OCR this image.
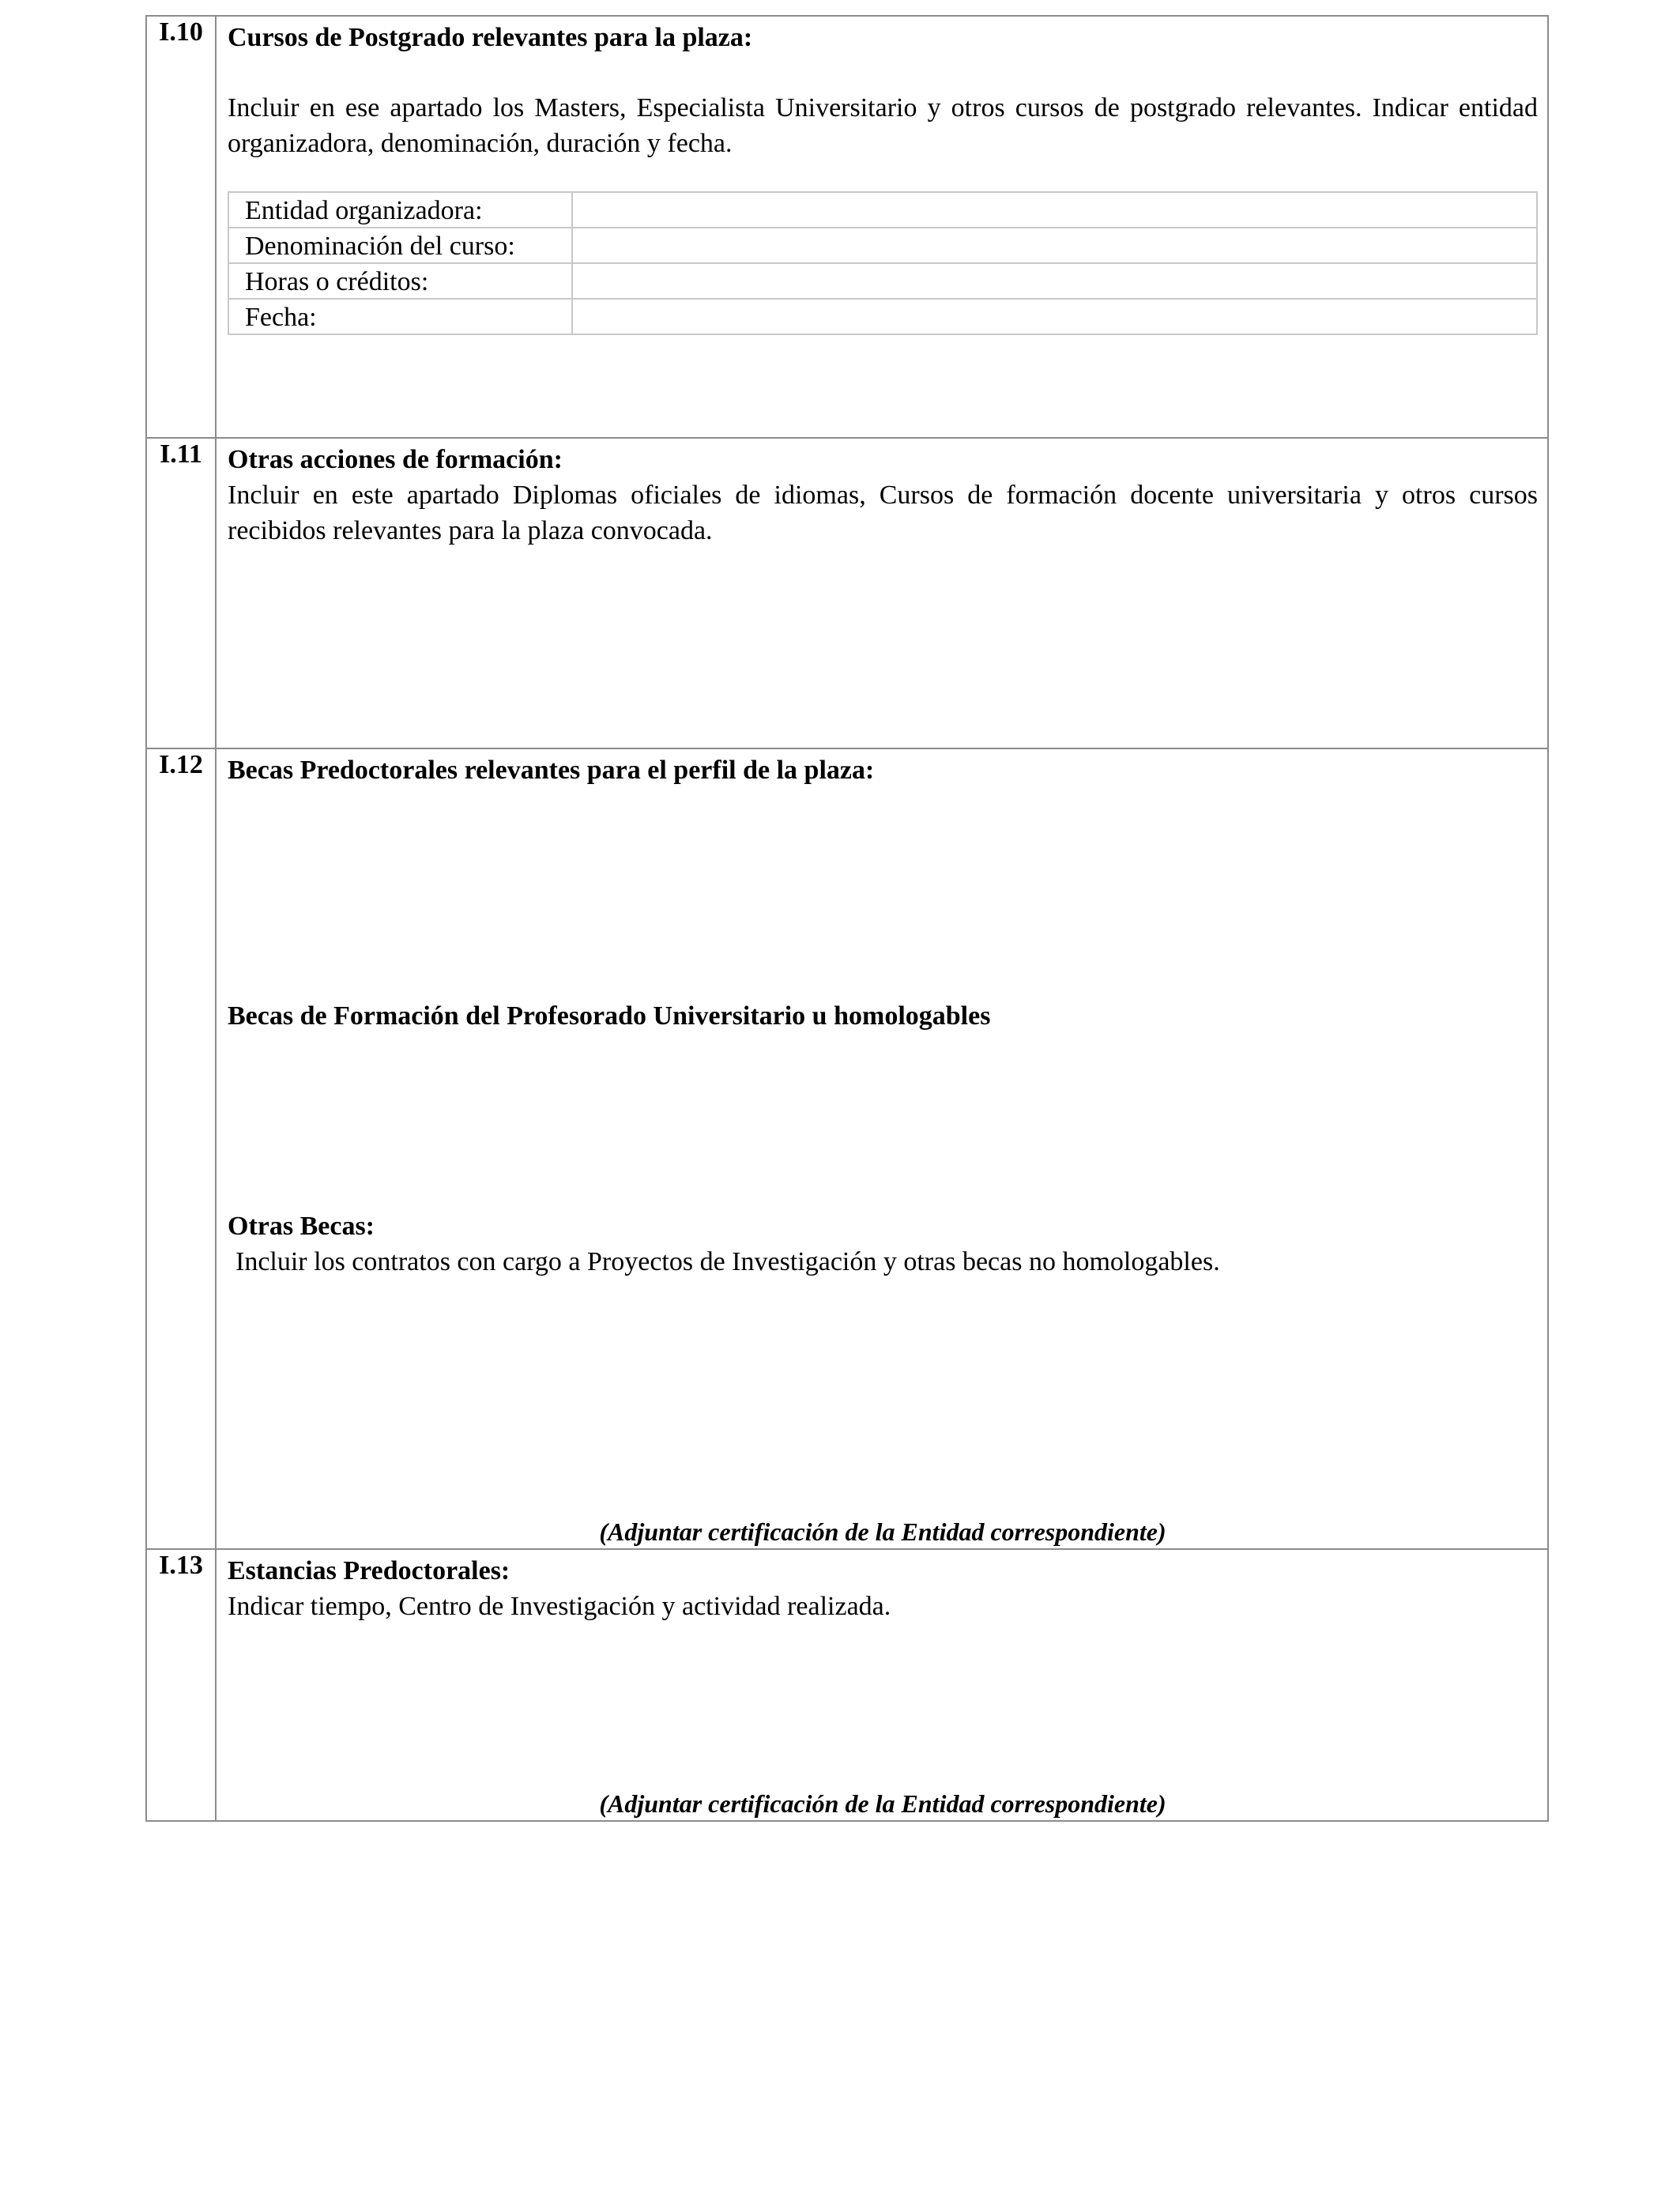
I.10	Cursos de Postgrado relevantes para la plaza:
Incluir en ese apartado los Masters, Especialista Universitario y otros cursos de postgrado relevantes. Indicar entidad organizadora, denominación, duración y fecha.
Entidad organizadora:	
Denominación del curso:	
Horas o créditos:	
Fecha:	

I.11	Otras acciones de formación:
Incluir en este apartado Diplomas oficiales de idiomas, Cursos de formación docente universitaria y otros cursos recibidos relevantes para la plaza convocada.

I.12	Becas Predoctorales relevantes para el perfil de la plaza:
Becas de Formación del Profesorado Universitario u homologables
Otras Becas:
Incluir los contratos con cargo a Proyectos de Investigación y otras becas no homologables.
(Adjuntar certificación de la Entidad correspondiente)

I.13	Estancias Predoctorales:
Indicar tiempo, Centro de Investigación y actividad realizada.
(Adjuntar certificación de la Entidad correspondiente)
